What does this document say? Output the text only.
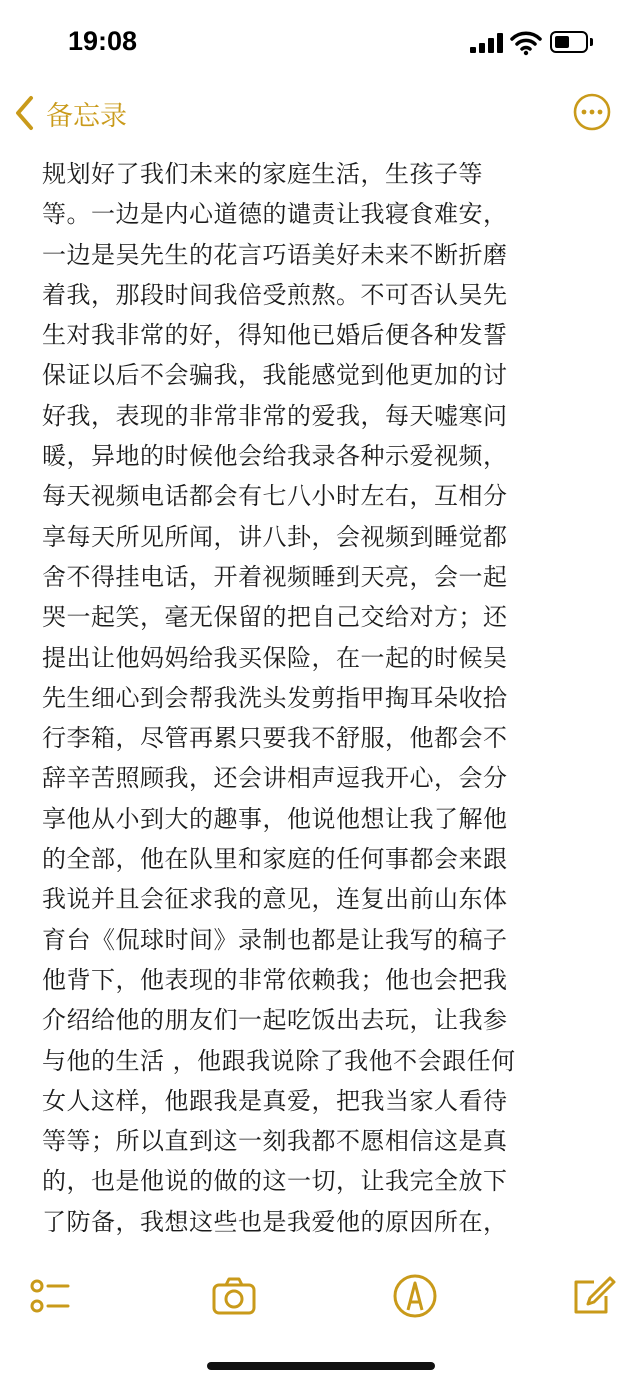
19:08
备忘录
规划好了我们未来的家庭生活，生孩子等
等。一边是内心道德的谴责让我寝食难安，
一边是吴先生的花言巧语美好未来不断折磨
着我，那段时间我倍受煎熬。不可否认吴先
生对我非常的好，得知他已婚后便各种发誓
保证以后不会骗我，我能感觉到他更加的讨
好我，表现的非常非常的爱我，每天嘘寒问
暖，异地的时候他会给我录各种示爱视频，
每天视频电话都会有七八小时左右，互相分
享每天所见所闻，讲八卦，会视频到睡觉都
舍不得挂电话，开着视频睡到天亮，会一起
哭一起笑，毫无保留的把自己交给对方；还
提出让他妈妈给我买保险，在一起的时候吴
先生细心到会帮我洗头发剪指甲掏耳朵收拾
行李箱，尽管再累只要我不舒服，他都会不
辞辛苦照顾我，还会讲相声逗我开心，会分
享他从小到大的趣事，他说他想让我了解他
的全部，他在队里和家庭的任何事都会来跟
我说并且会征求我的意见，连复出前山东体
育台《侃球时间》录制也都是让我写的稿子
他背下，他表现的非常依赖我；他也会把我
介绍给他的朋友们一起吃饭出去玩，让我参
与他的生活 ，他跟我说除了我他不会跟任何
女人这样，他跟我是真爱，把我当家人看待
等等；所以直到这一刻我都不愿相信这是真
的，也是他说的做的这一切，让我完全放下
了防备，我想这些也是我爱他的原因所在，
